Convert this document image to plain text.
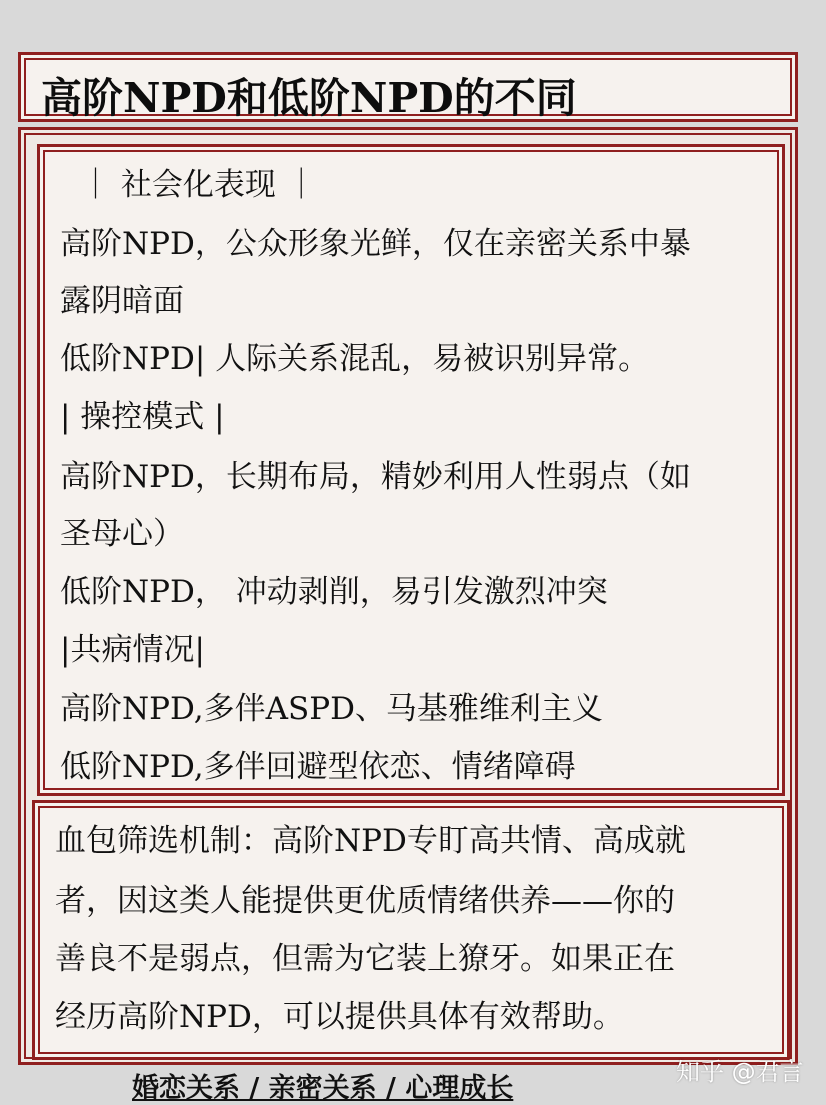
高阶NPD和低阶NPD的不同
｜ 社会化表现 ｜
高阶NPD，公众形象光鲜，仅在亲密关系中暴
露阴暗面
低阶NPD| 人际关系混乱，易被识别异常。
| 操控模式 |
高阶NPD，长期布局，精妙利用人性弱点（如
圣母心）
低阶NPD， 冲动剥削，易引发激烈冲突
|共病情况|
高阶NPD,多伴ASPD、马基雅维利主义
低阶NPD,多伴回避型依恋、情绪障碍
血包筛选机制：高阶NPD专盯高共情、高成就
者，因这类人能提供更优质情绪供养——你的
善良不是弱点，但需为它装上獠牙。如果正在
经历高阶NPD，可以提供具体有效帮助。
婚恋关系 / 亲密关系 / 心理成长
知乎 @君言
